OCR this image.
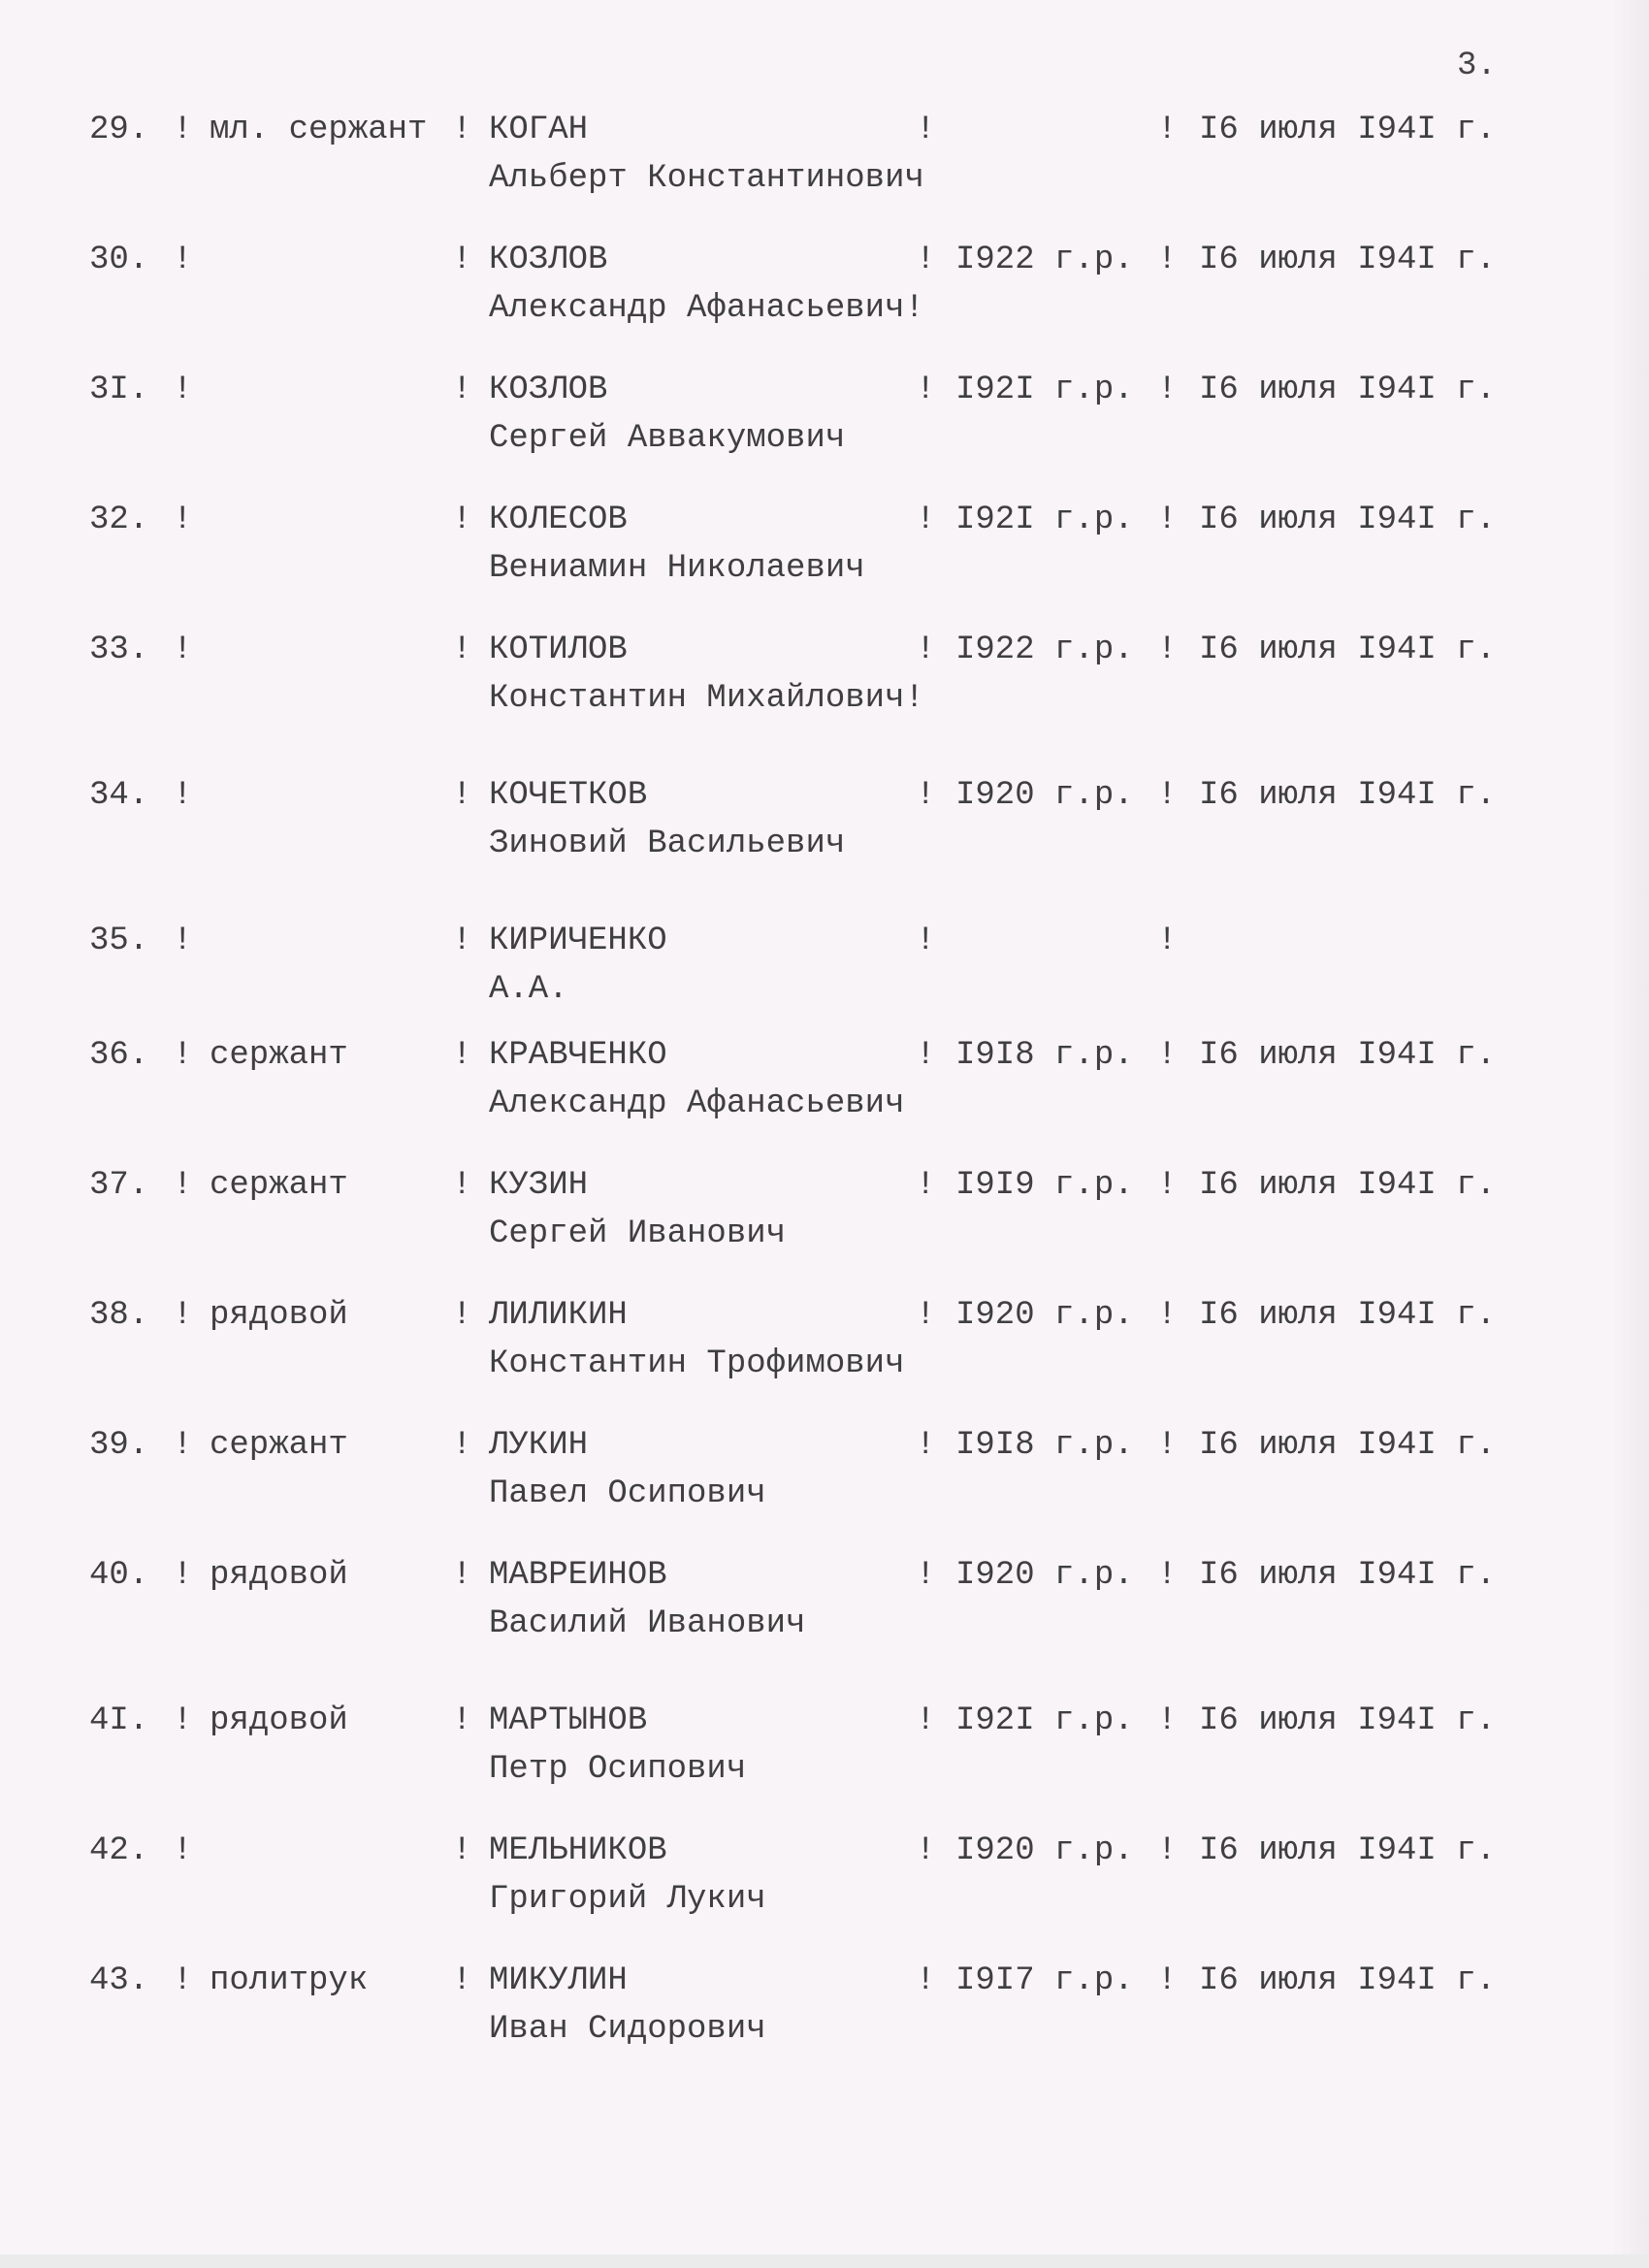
3.
29. ! мл. сержант ! КОГАН	!	! I6 июля I94I г.
Альберт Константинович
30. !	! КОЗЛОВ	! I922 г.р. ! I6 июля I94I г.
Александр Афанасьевич!
3I. !	! КОЗЛОВ	! I92I г.р. ! I6 июля I94I г.
Сергей Аввакумович
32. !	! КОЛЕСОВ	! I92I г.р. ! I6 июля I94I г.
Вениамин Николаевич
33. !	! КОТИЛОВ	! I922 г.р. ! I6 июля I94I г.
Константин Михайлович!
34. !	! КОЧЕТКОВ	! I920 г.р. ! I6 июля I94I г.
Зиновий Васильевич
35. !	! КИРИЧЕНКО	!	!
А.А.
36. ! сержант	! КРАВЧЕНКО	! I9I8 г.р. ! I6 июля I94I г.
Александр Афанасьевич
37. ! сержант	! КУЗИН	! I9I9 г.р. ! I6 июля I94I г.
Сергей Иванович
38. ! рядовой	! ЛИЛИКИН	! I920 г.р. ! I6 июля I94I г.
Константин Трофимович
39. ! сержант	! ЛУКИН	! I9I8 г.р. ! I6 июля I94I г.
Павел Осипович
40. ! рядовой	! МАВРЕИНОВ	! I920 г.р. ! I6 июля I94I г.
Василий Иванович
4I. ! рядовой	! МАРТЫНОВ	! I92I г.р. ! I6 июля I94I г.
Петр Осипович
42. !	! МЕЛЬНИКОВ	! I920 г.р. ! I6 июля I94I г.
Григорий Лукич
43. ! политрук	! МИКУЛИН	! I9I7 г.р. ! I6 июля I94I г.
Иван Сидорович
